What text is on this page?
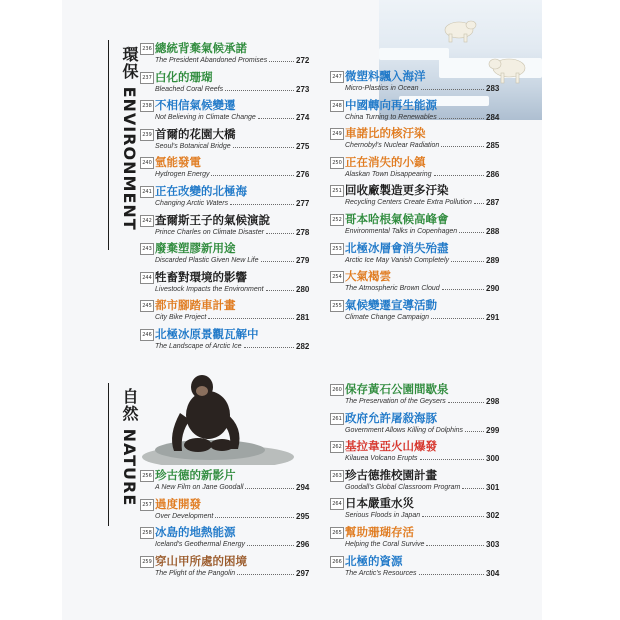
環保 ENVIRONMENT
自然 NATURE
236 總統背棄氣候承諾
The President Abandoned Promises	272
237 白化的珊瑚
Bleached Coral Reefs	273
238 不相信氣候變遷
Not Believing in Climate Change	274
239 首爾的花園大橋
Seoul's Botanical Bridge	275
240 氫能發電
Hydrogen Energy	276
241 正在改變的北極海
Changing Arctic Waters	277
242 查爾斯王子的氣候演說
Prince Charles on Climate Disaster	278
243 廢棄塑膠新用途
Discarded Plastic Given New Life	279
244 牲畜對環境的影響
Livestock Impacts the Environment	280
245 都市腳踏車計畫
City Bike Project	281
246 北極冰原景觀瓦解中
The Landscape of Arctic Ice	282
247 微塑料飄入海洋
Micro-Plastics in Ocean	283
248 中國轉向再生能源
China Turning to Renewables	284
249 車諾比的核汙染
Chernobyl's Nuclear Radiation	285
250 正在消失的小鎮
Alaskan Town Disappearing	286
251 回收廠製造更多汙染
Recycling Centers Create Extra Pollution 287
252 哥本哈根氣候高峰會
Environmental Talks in Copenhagen	288
253 北極冰層會消失殆盡
Arctic Ice May Vanish Completely	289
254 大氣褐雲
The Atmospheric Brown Cloud	290
255 氣候變遷宣導活動
Climate Change Campaign	291
256 珍古德的新影片
A New Film on Jane Goodall	294
257 過度開發
Over Development	295
258 冰島的地熱能源
Iceland's Geothermal Energy	296
259 穿山甲所處的困境
The Plight of the Pangolin	297
260 保存黃石公園間歇泉
The Preservation of the Geysers	298
261 政府允許屠殺海豚
Government Allows Killing of Dolphins	299
262 基拉韋亞火山爆發
Kilauea Volcano Erupts	300
263 珍古德推校園計畫
Goodall's Global Classroom Program	301
264 日本嚴重水災
Serious Floods in Japan	302
265 幫助珊瑚存活
Helping the Coral Survive	303
266 北極的資源
The Arctic's Resources	304
